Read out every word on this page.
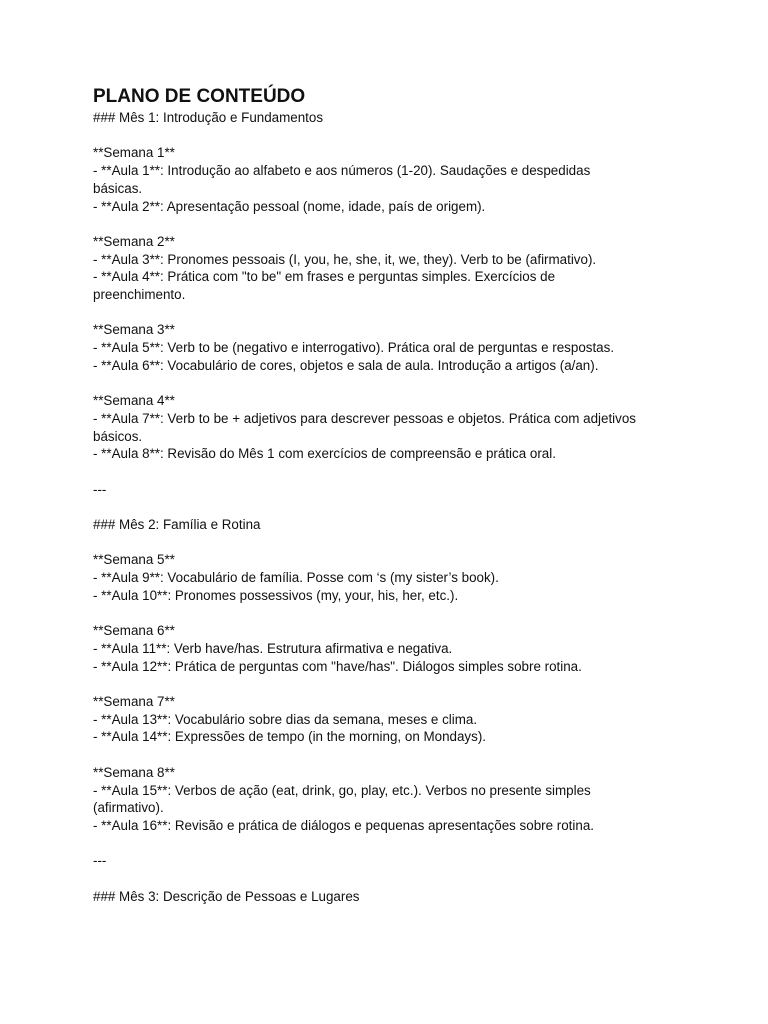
PLANO DE CONTEÚDO
### Mês 1: Introdução e Fundamentos
**Semana 1**
- **Aula 1**: Introdução ao alfabeto e aos números (1-20). Saudações e despedidas
básicas.
- **Aula 2**: Apresentação pessoal (nome, idade, país de origem).
**Semana 2**
- **Aula 3**: Pronomes pessoais (I, you, he, she, it, we, they). Verb to be (afirmativo).
- **Aula 4**: Prática com "to be" em frases e perguntas simples. Exercícios de
preenchimento.
**Semana 3**
- **Aula 5**: Verb to be (negativo e interrogativo). Prática oral de perguntas e respostas.
- **Aula 6**: Vocabulário de cores, objetos e sala de aula. Introdução a artigos (a/an).
**Semana 4**
- **Aula 7**: Verb to be + adjetivos para descrever pessoas e objetos. Prática com adjetivos
básicos.
- **Aula 8**: Revisão do Mês 1 com exercícios de compreensão e prática oral.
---
### Mês 2: Família e Rotina
**Semana 5**
- **Aula 9**: Vocabulário de família. Posse com ‘s (my sister’s book).
- **Aula 10**: Pronomes possessivos (my, your, his, her, etc.).
**Semana 6**
- **Aula 11**: Verb have/has. Estrutura afirmativa e negativa.
- **Aula 12**: Prática de perguntas com "have/has". Diálogos simples sobre rotina.
**Semana 7**
- **Aula 13**: Vocabulário sobre dias da semana, meses e clima.
- **Aula 14**: Expressões de tempo (in the morning, on Mondays).
**Semana 8**
- **Aula 15**: Verbos de ação (eat, drink, go, play, etc.). Verbos no presente simples
(afirmativo).
- **Aula 16**: Revisão e prática de diálogos e pequenas apresentações sobre rotina.
---
### Mês 3: Descrição de Pessoas e Lugares
